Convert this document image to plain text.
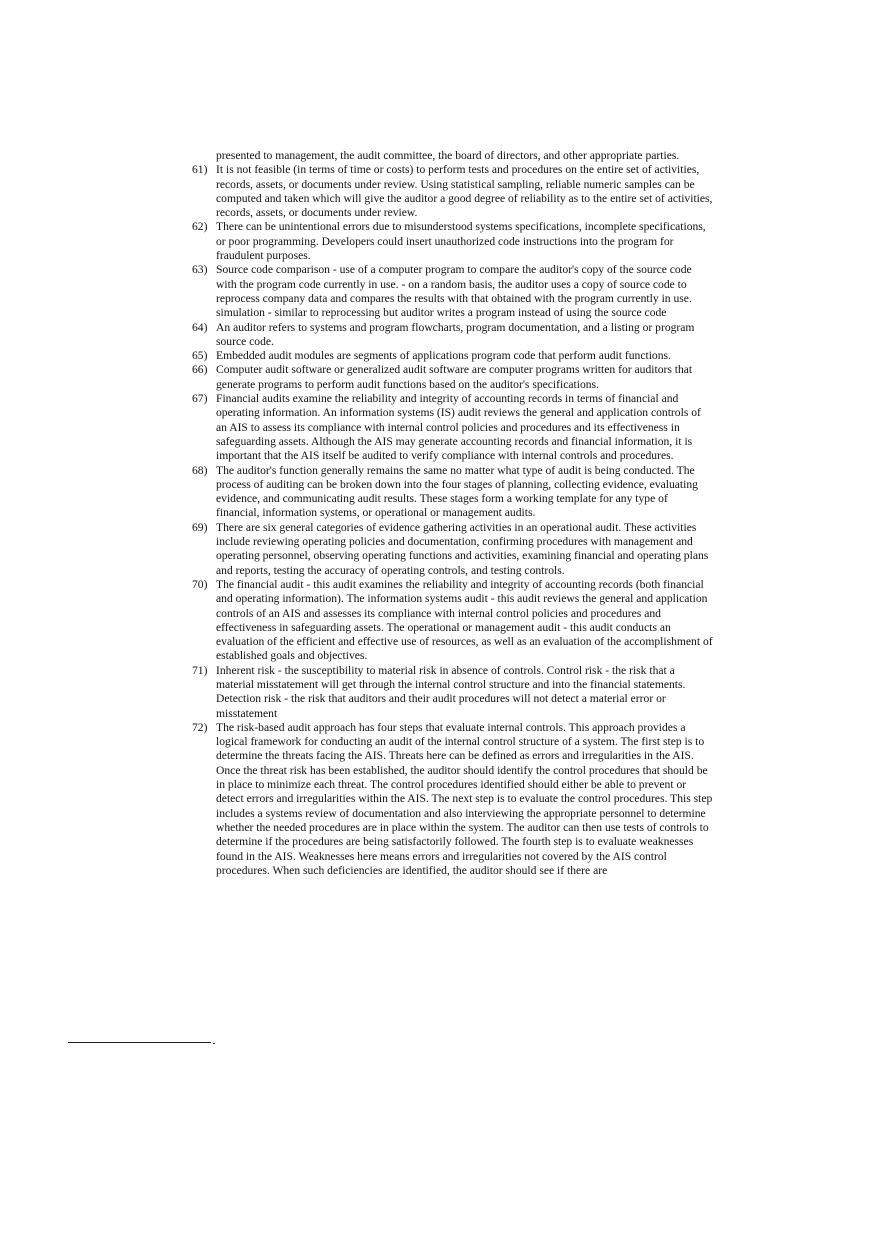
presented to management, the audit committee, the board of directors, and other appropriate parties.

61) It is not feasible (in terms of time or costs) to perform tests and procedures on the entire set of activities, records, assets, or documents under review. Using statistical sampling, reliable numeric samples can be computed and taken which will give the auditor a good degree of reliability as to the entire set of activities, records, assets, or documents under review.
62) There can be unintentional errors due to misunderstood systems specifications, incomplete specifications, or poor programming. Developers could insert unauthorized code instructions into the program for fraudulent purposes.
63) Source code comparison - use of a computer program to compare the auditor's copy of the source code with the program code currently in use. - on a random basis, the auditor uses a copy of source code to reprocess company data and compares the results with that obtained with the program currently in use. simulation - similar to reprocessing but auditor writes a program instead of using the source code
64) An auditor refers to systems and program flowcharts, program documentation, and a listing or program source code.
65) Embedded audit modules are segments of applications program code that perform audit functions.
66) Computer audit software or generalized audit software are computer programs written for auditors that generate programs to perform audit functions based on the auditor's specifications.
67) Financial audits examine the reliability and integrity of accounting records in terms of financial and operating information. An information systems (IS) audit reviews the general and application controls of an AIS to assess its compliance with internal control policies and procedures and its effectiveness in safeguarding assets. Although the AIS may generate accounting records and financial information, it is important that the AIS itself be audited to verify compliance with internal controls and procedures.
68) The auditor's function generally remains the same no matter what type of audit is being conducted. The process of auditing can be broken down into the four stages of planning, collecting evidence, evaluating evidence, and communicating audit results. These stages form a working template for any type of financial, information systems, or operational or management audits.
69) There are six general categories of evidence gathering activities in an operational audit. These activities include reviewing operating policies and documentation, confirming procedures with management and operating personnel, observing operating functions and activities, examining financial and operating plans and reports, testing the accuracy of operating controls, and testing controls.
70) The financial audit - this audit examines the reliability and integrity of accounting records (both financial and operating information). The information systems audit - this audit reviews the general and application controls of an AIS and assesses its compliance with internal control policies and procedures and effectiveness in safeguarding assets. The operational or management audit - this audit conducts an evaluation of the efficient and effective use of resources, as well as an evaluation of the accomplishment of established goals and objectives.
71) Inherent risk - the susceptibility to material risk in absence of controls. Control risk - the risk that a material misstatement will get through the internal control structure and into the financial statements. Detection risk - the risk that auditors and their audit procedures will not detect a material error or misstatement
72) The risk-based audit approach has four steps that evaluate internal controls. This approach provides a logical framework for conducting an audit of the internal control structure of a system. The first step is to determine the threats facing the AIS. Threats here can be defined as errors and irregularities in the AIS. Once the threat risk has been established, the auditor should identify the control procedures that should be in place to minimize each threat. The control procedures identified should either be able to prevent or detect errors and irregularities within the AIS. The next step is to evaluate the control procedures. This step includes a systems review of documentation and also interviewing the appropriate personnel to determine whether the needed procedures are in place within the system. The auditor can then use tests of controls to determine if the procedures are being satisfactorily followed. The fourth step is to evaluate weaknesses found in the AIS. Weaknesses here means errors and irregularities not covered by the AIS control procedures. When such deficiencies are identified, the auditor should see if there are
